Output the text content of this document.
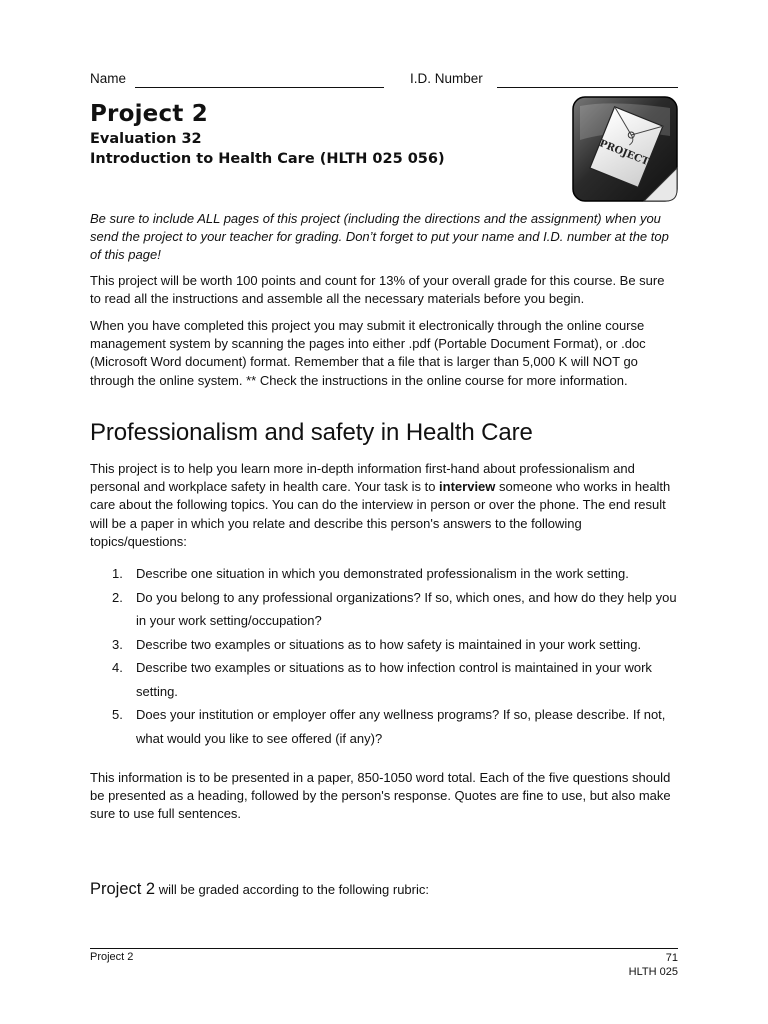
Name	I.D. Number
Project 2
Evaluation 32
Introduction to Health Care (HLTH 025 056)	PROJECT

Be sure to include ALL pages of this project (including the directions and the assignment) when you send the project to your teacher for grading. Don’t forget to put your name and I.D. number at the top of this page!

This project will be worth 100 points and count for 13% of your overall grade for this course. Be sure to read all the instructions and assemble all the necessary materials before you begin.

When you have completed this project you may submit it electronically through the online course management system by scanning the pages into either .pdf (Portable Document Format), or .doc (Microsoft Word document) format. Remember that a file that is larger than 5,000 K will NOT go through the online system. ** Check the instructions in the online course for more information.

Professionalism and safety in Health Care

This project is to help you learn more in-depth information first-hand about professionalism and personal and workplace safety in health care. Your task is to interview someone who works in health care about the following topics. You can do the interview in person or over the phone. The end result will be a paper in which you relate and describe this person's answers to the following topics/questions:

1. Describe one situation in which you demonstrated professionalism in the work setting.
2. Do you belong to any professional organizations? If so, which ones, and how do they help you in your work setting/occupation?
3. Describe two examples or situations as to how safety is maintained in your work setting.
4. Describe two examples or situations as to how infection control is maintained in your work setting.
5. Does your institution or employer offer any wellness programs? If so, please describe. If not, what would you like to see offered (if any)?

This information is to be presented in a paper, 850-1050 word total. Each of the five questions should be presented as a heading, followed by the person's response. Quotes are fine to use, but also make sure to use full sentences.

Project 2 will be graded according to the following rubric:
Project 2	71
HLTH 025
